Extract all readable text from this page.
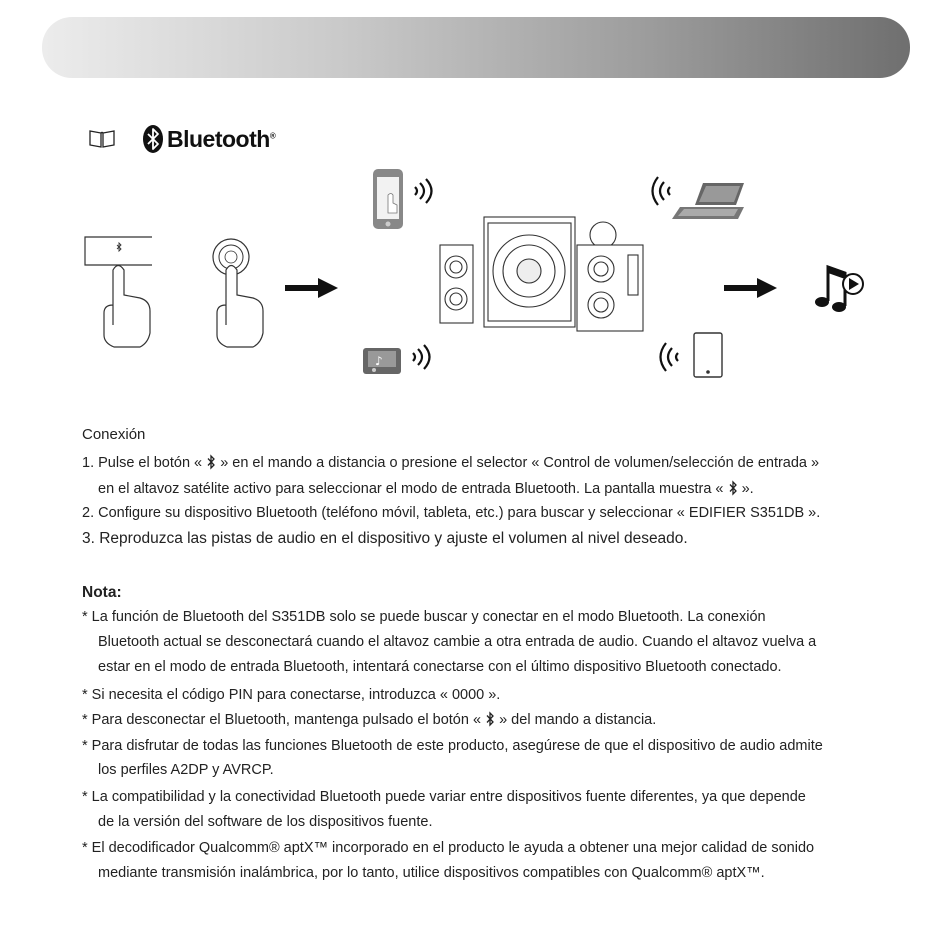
Bluetooth®
♪
Conexión
1. Pulse el botón « » en el mando a distancia o presione el selector « Control de volumen/selección de entrada »
en el altavoz satélite activo para seleccionar el modo de entrada Bluetooth. La pantalla muestra « ».
2. Configure su dispositivo Bluetooth (teléfono móvil, tableta, etc.) para buscar y seleccionar « EDIFIER S351DB ».
3. Reproduzca las pistas de audio en el dispositivo y ajuste el volumen al nivel deseado.
Nota:
* La función de Bluetooth del S351DB solo se puede buscar y conectar en el modo Bluetooth. La conexión
Bluetooth actual se desconectará cuando el altavoz cambie a otra entrada de audio. Cuando el altavoz vuelva a
estar en el modo de entrada Bluetooth, intentará conectarse con el último dispositivo Bluetooth conectado.
* Si necesita el código PIN para conectarse, introduzca « 0000 ».
* Para desconectar el Bluetooth, mantenga pulsado el botón « » del mando a distancia.
* Para disfrutar de todas las funciones Bluetooth de este producto, asegúrese de que el dispositivo de audio admite
los perfiles A2DP y AVRCP.
* La compatibilidad y la conectividad Bluetooth puede variar entre dispositivos fuente diferentes, ya que depende
de la versión del software de los dispositivos fuente.
* El decodificador Qualcomm® aptX™ incorporado en el producto le ayuda a obtener una mejor calidad de sonido
mediante transmisión inalámbrica, por lo tanto, utilice dispositivos compatibles con Qualcomm® aptX™.
